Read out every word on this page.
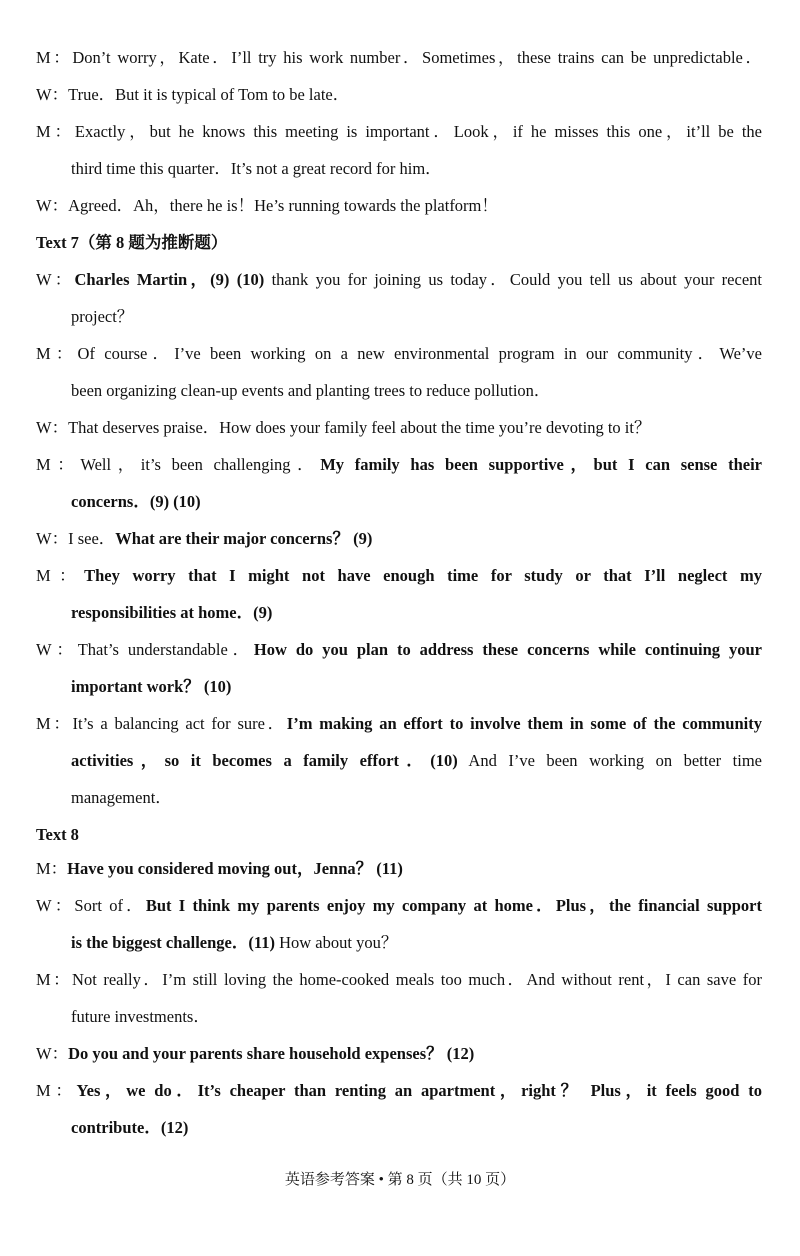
M：Don’t worry，Kate．I’ll try his work number．Sometimes，these trains can be unpredictable．
W：True．But it is typical of Tom to be late．
M：Exactly，but he knows this meeting is important．Look，if he misses this one，it’ll be the
third time this quarter．It’s not a great record for him．
W：Agreed．Ah，there he is！He’s running towards the platform！
Text 7（第 8 题为推断题）
W：Charles Martin，(9) (10) thank you for joining us today．Could you tell us about your recent
project？
M：Of course．I’ve been working on a new environmental program in our community．We’ve
been organizing clean-up events and planting trees to reduce pollution．
W：That deserves praise．How does your family feel about the time you’re devoting to it？
M：Well，it’s been challenging．My family has been supportive，but I can sense their
concerns．(9) (10)
W：I see．What are their major concerns？ (9)
M：They worry that I might not have enough time for study or that I’ll neglect my
responsibilities at home．(9)
W：That’s understandable．How do you plan to address these concerns while continuing your
important work？ (10)
M：It’s a balancing act for sure．I’m making an effort to involve them in some of the community
activities，so it becomes a family effort．(10) And I’ve been working on better time
management．
Text 8
M：Have you considered moving out，Jenna？ (11)
W：Sort of．But I think my parents enjoy my company at home．Plus，the financial support
is the biggest challenge．(11) How about you？
M：Not really．I’m still loving the home-cooked meals too much．And without rent，I can save for
future investments．
W：Do you and your parents share household expenses？ (12)
M：Yes，we do．It’s cheaper than renting an apartment，right？ Plus，it feels good to
contribute．(12)
英语参考答案 • 第 8 页（共 10 页）
